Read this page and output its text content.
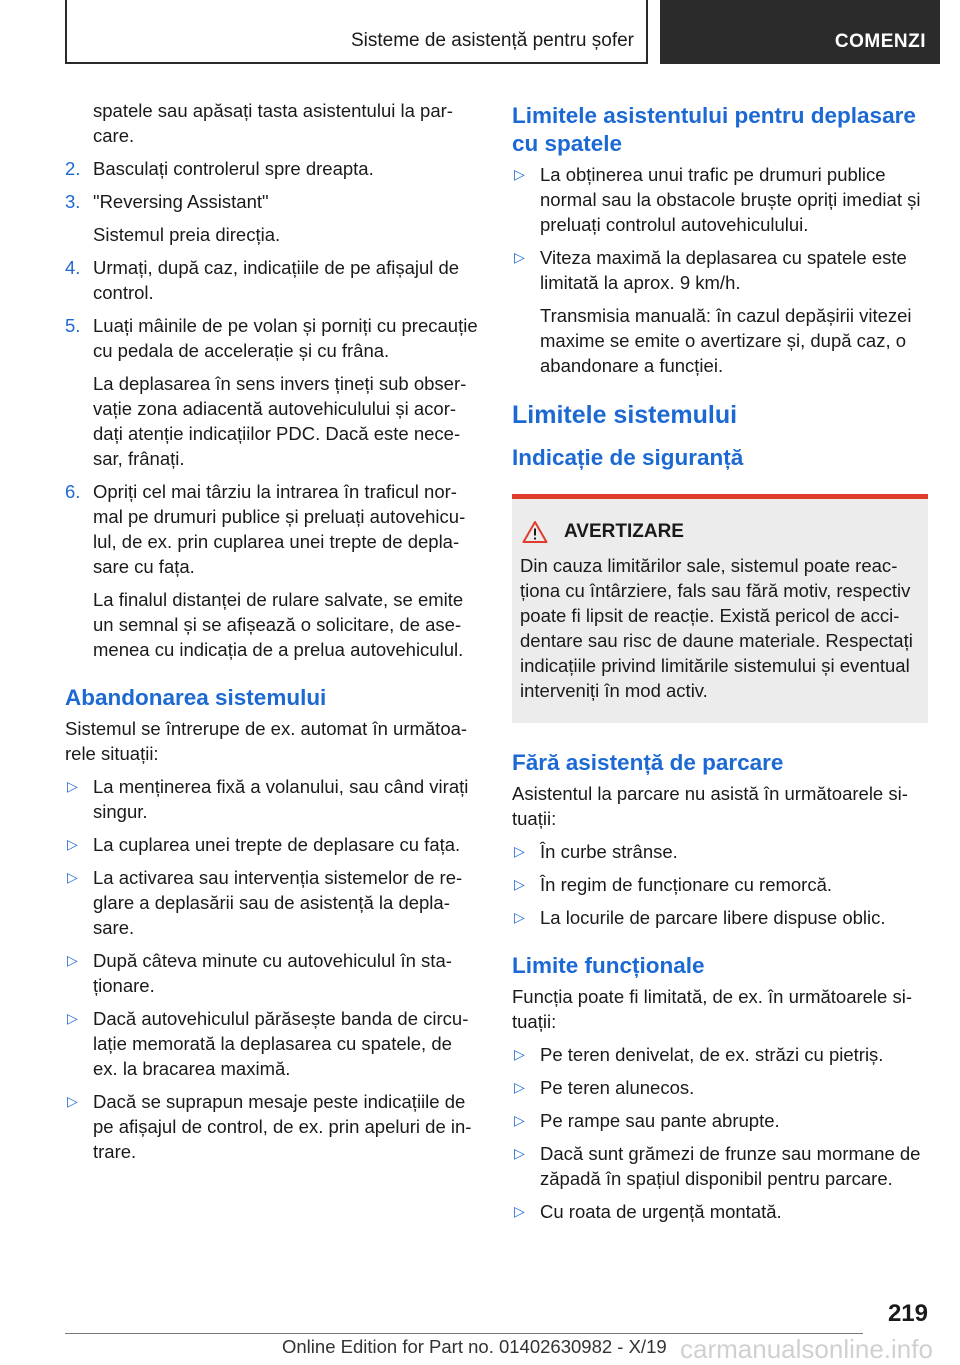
Sisteme de asistență pentru șofer	COMENZI

spatele sau apăsați tasta asistentului la parcare.

2. Basculați controlerul spre dreapta.
3. "Reversing Assistant"
Sistemul preia direcția.
4. Urmați, după caz, indicațiile de pe afișajul de control.
5. Luați mâinile de pe volan și porniți cu precauție cu pedala de accelerație și cu frâna.
La deplasarea în sens invers țineți sub observație zona adiacentă autovehiculului și acordați atenție indicațiilor PDC. Dacă este necesar, frânați.
6. Opriți cel mai târziu la intrarea în traficul normal pe drumuri publice și preluați autovehiculul, de ex. prin cuplarea unei trepte de deplasare cu fața.
La finalul distanței de rulare salvate, se emite un semnal și se afișează o solicitare, de asemenea cu indicația de a prelua autovehiculul.
Abandonarea sistemului

Sistemul se întrerupe de ex. automat în următoarele situații:

▷ La menținerea fixă a volanului, sau când virați singur.
▷ La cuplarea unei trepte de deplasare cu fața.
▷ La activarea sau intervenția sistemelor de reglare a deplasării sau de asistență la deplasare.
▷ După câteva minute cu autovehiculul în staționare.
▷ Dacă autovehiculul părăsește banda de circulație memorată la deplasarea cu spatele, de ex. la bracarea maximă.
▷ Dacă se suprapun mesaje peste indicațiile de pe afișajul de control, de ex. prin apeluri de intrare.
Limitele asistentului pentru deplasare cu spatele
▷ La obținerea unui trafic pe drumuri publice normal sau la obstacole bruște opriți imediat și preluați controlul autovehiculului.
▷ Viteza maximă la deplasarea cu spatele este limitată la aprox. 9 km/h.
Transmisia manuală: în cazul depășirii vitezei maxime se emite o avertizare și, după caz, o abandonare a funcției.
Limitele sistemului
Indicație de siguranță
AVERTIZARE
Din cauza limitărilor sale, sistemul poate reacționa cu întârziere, fals sau fără motiv, respectiv poate fi lipsit de reacție. Există pericol de accidentare sau risc de daune materiale. Respectați indicațiile privind limitările sistemului și eventual interveniți în mod activ.
Fără asistență de parcare

Asistentul la parcare nu asistă în următoarele situații:

▷ În curbe strânse.
▷ În regim de funcționare cu remorcă.
▷ La locurile de parcare libere dispuse oblic.
Limite funcționale

Funcția poate fi limitată, de ex. în următoarele situații:

▷ Pe teren denivelat, de ex. străzi cu pietriș.
▷ Pe teren alunecos.
▷ Pe rampe sau pante abrupte.
▷ Dacă sunt grămezi de frunze sau mormane de zăpadă în spațiul disponibil pentru parcare.
▷ Cu roata de urgență montată.
219
Online Edition for Part no. 01402630982 - X/19 carmanualsonline.info
